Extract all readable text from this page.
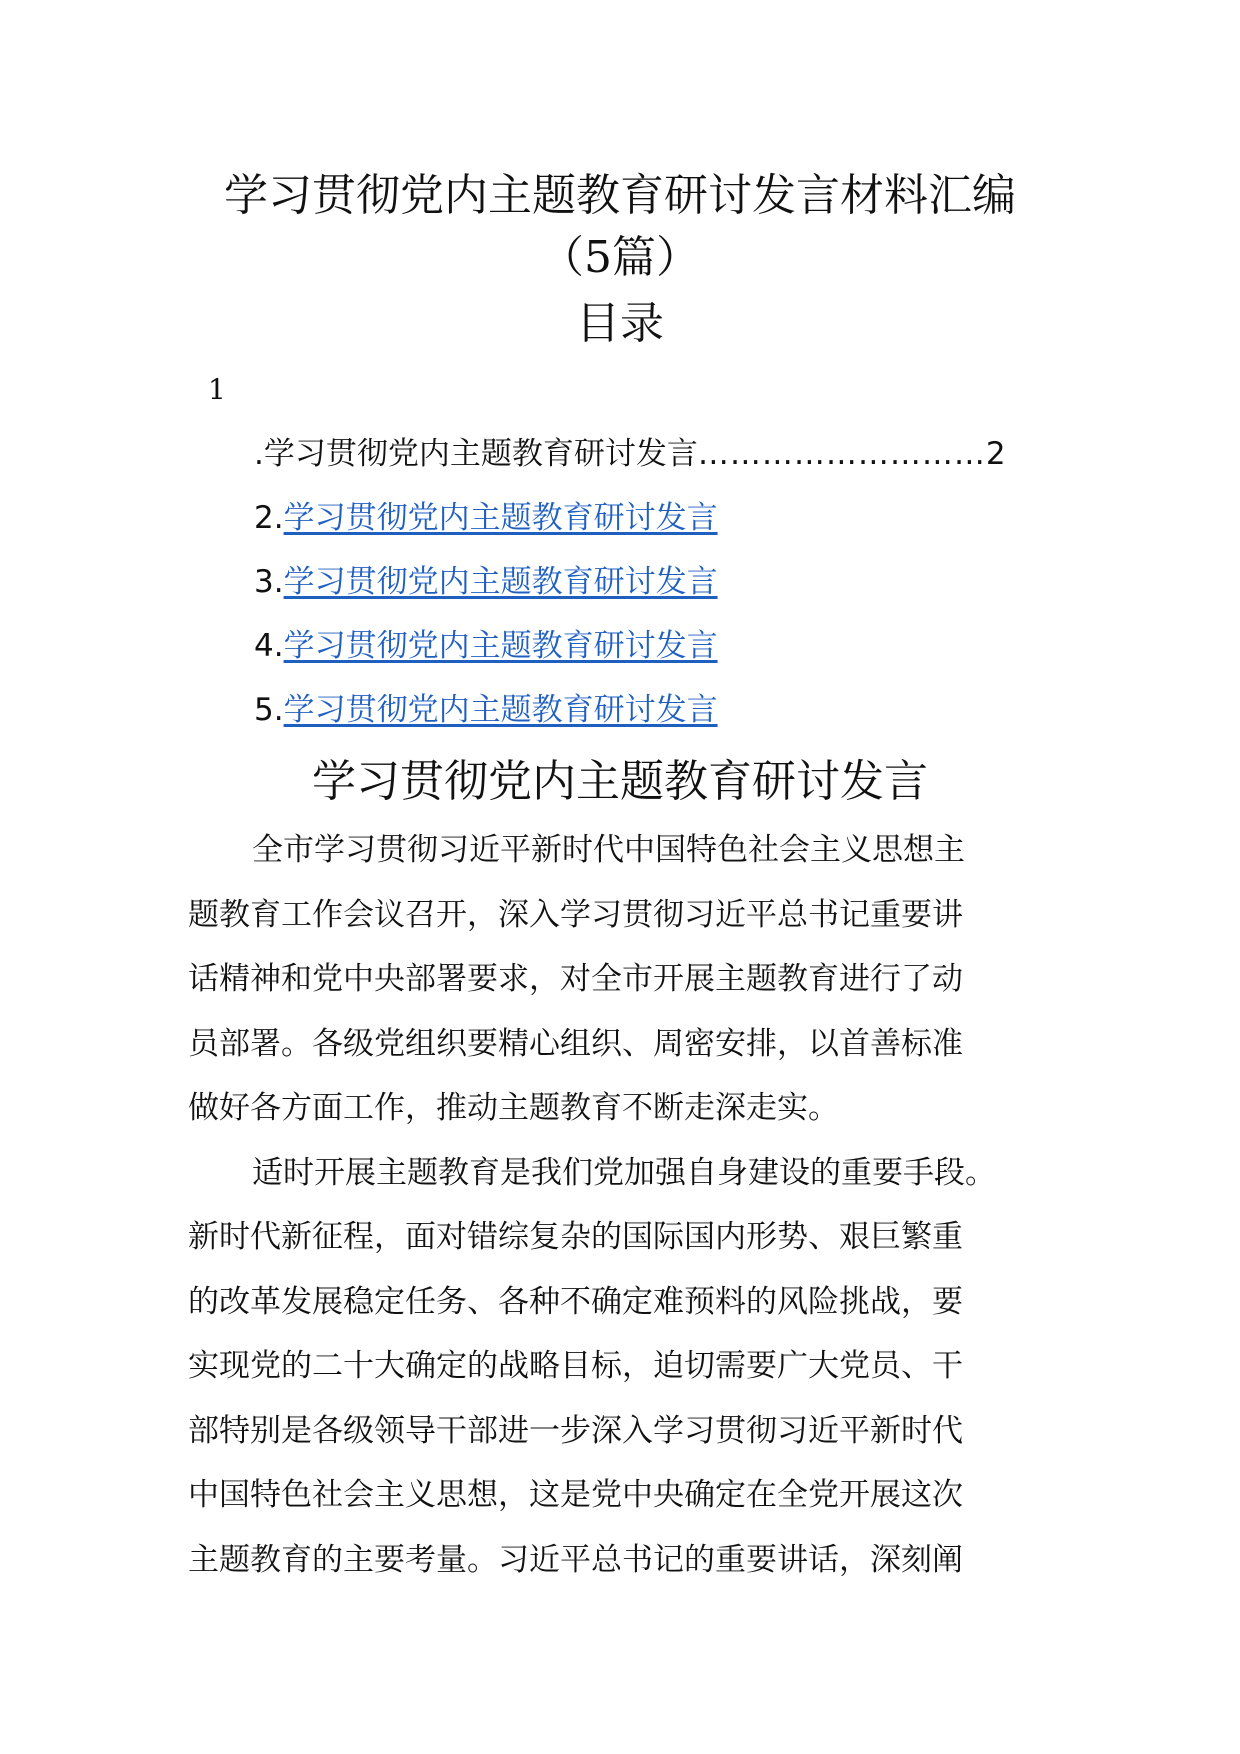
学习贯彻党内主题教育研讨发言材料汇编
（5篇）
目录
1
.学习贯彻党内主题教育研讨发言………………………2
2.学习贯彻党内主题教育研讨发言
3.学习贯彻党内主题教育研讨发言
4.学习贯彻党内主题教育研讨发言
5.学习贯彻党内主题教育研讨发言
学习贯彻党内主题教育研讨发言

全市学习贯彻习近平新时代中国特色社会主义思想主
题教育工作会议召开，深入学习贯彻习近平总书记重要讲
话精神和党中央部署要求，对全市开展主题教育进行了动
员部署。各级党组织要精心组织、周密安排，以首善标准
做好各方面工作，推动主题教育不断走深走实。

适时开展主题教育是我们党加强自身建设的重要手段。
新时代新征程，面对错综复杂的国际国内形势、艰巨繁重
的改革发展稳定任务、各种不确定难预料的风险挑战，要
实现党的二十大确定的战略目标，迫切需要广大党员、干
部特别是各级领导干部进一步深入学习贯彻习近平新时代
中国特色社会主义思想，这是党中央确定在全党开展这次
主题教育的主要考量。习近平总书记的重要讲话，深刻阐
